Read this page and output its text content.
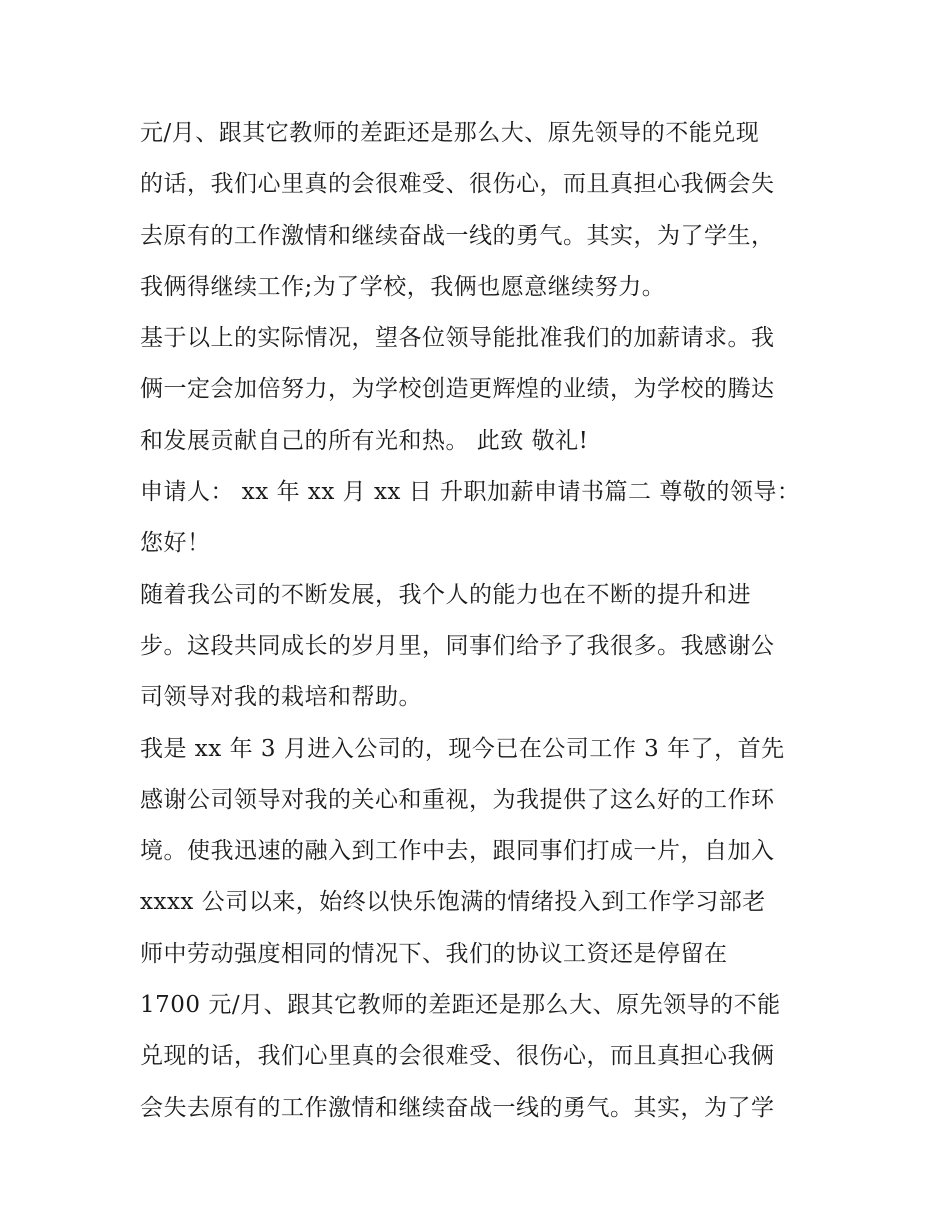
元/月、跟其它教师的差距还是那么大、原先领导的不能兑现
的话，我们心里真的会很难受、很伤心，而且真担心我俩会失
去原有的工作激情和继续奋战一线的勇气。其实，为了学生，
我俩得继续工作;为了学校，我俩也愿意继续努力。
基于以上的实际情况，望各位领导能批准我们的加薪请求。我
俩一定会加倍努力，为学校创造更辉煌的业绩，为学校的腾达
和发展贡献自己的所有光和热。 此致 敬礼!
申请人： xx 年 xx 月 xx 日 升职加薪申请书篇二 尊敬的领导：
您好！
随着我公司的不断发展，我个人的能力也在不断的提升和进
步。这段共同成长的岁月里，同事们给予了我很多。我感谢公
司领导对我的栽培和帮助。
我是 xx 年 3 月进入公司的，现今已在公司工作 3 年了，首先
感谢公司领导对我的关心和重视，为我提供了这么好的工作环
境。使我迅速的融入到工作中去，跟同事们打成一片，自加入
xxxx 公司以来，始终以快乐饱满的情绪投入到工作学习部老
师中劳动强度相同的情况下、我们的协议工资还是停留在
1700 元/月、跟其它教师的差距还是那么大、原先领导的不能
兑现的话，我们心里真的会很难受、很伤心，而且真担心我俩
会失去原有的工作激情和继续奋战一线的勇气。其实，为了学
